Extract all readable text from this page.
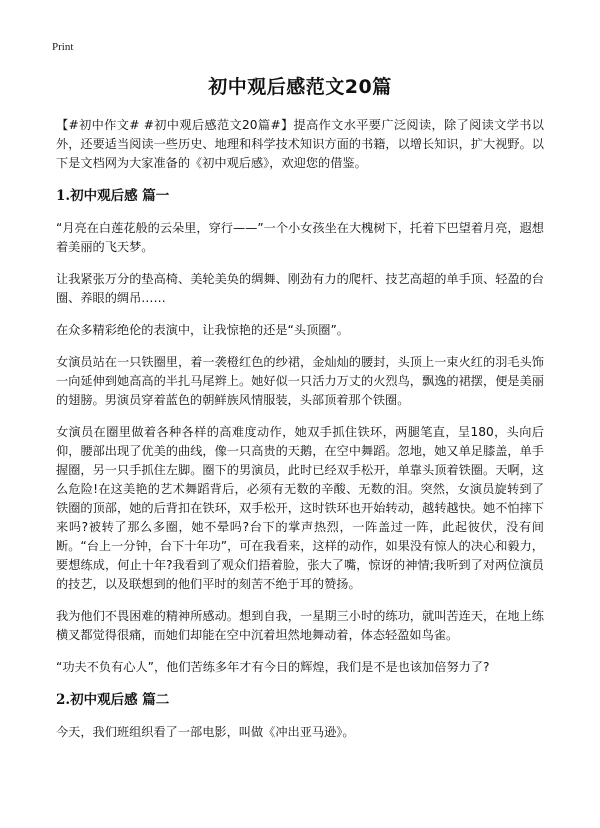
Print
初中观后感范文20篇

【#初中作文# #初中观后感范文20篇#】提高作文水平要广泛阅读，除了阅读文学书以外，还要适当阅读一些历史、地理和科学技术知识方面的书籍，以增长知识，扩大视野。以下是文档网为大家准备的《初中观后感》，欢迎您的借鉴。

1.初中观后感 篇一

“月亮在白莲花般的云朵里，穿行——”一个小女孩坐在大槐树下，托着下巴望着月亮，遐想着美丽的飞天梦。

让我紧张万分的垫高椅、美轮美奂的绸舞、刚劲有力的爬杆、技艺高超的单手顶、轻盈的台圈、养眼的绸吊……

在众多精彩绝伦的表演中，让我惊艳的还是“头顶圈”。

女演员站在一只铁圈里，着一袭橙红色的纱裙，金灿灿的腰封，头顶上一束火红的羽毛头饰一向延伸到她高高的半扎马尾辫上。她好似一只活力万丈的火烈鸟，飘逸的裙摆，便是美丽的翅膀。男演员穿着蓝色的朝鲜族风情服装，头部顶着那个铁圈。

女演员在圈里做着各种各样的高难度动作，她双手抓住铁环，两腿笔直，呈180，头向后仰，腰部出现了优美的曲线，像一只高贵的天鹅，在空中舞蹈。忽地，她又单足膝盖，单手握圈，另一只手抓住左脚。圈下的男演员，此时已经双手松开，单靠头顶着铁圈。天啊，这么危险!在这美艳的艺术舞蹈背后，必须有无数的辛酸、无数的泪。突然，女演员旋转到了铁圈的顶部，她的后背扣在铁环，双手松开，这时铁环也开始转动，越转越快。她不怕摔下来吗?被转了那么多圈，她不晕吗?台下的掌声热烈，一阵盖过一阵，此起彼伏，没有间断。“台上一分钟，台下十年功”，可在我看来，这样的动作，如果没有惊人的决心和毅力，要想练成，何止十年?我看到了观众们捂着脸，张大了嘴，惊讶的神情;我听到了对两位演员的技艺，以及联想到的他们平时的刻苦不绝于耳的赞扬。

我为他们不畏困难的精神所感动。想到自我，一星期三小时的练功，就叫苦连天，在地上练横叉都觉得很痛，而她们却能在空中沉着坦然地舞动着，体态轻盈如鸟雀。

“功夫不负有心人”，他们苦练多年才有今日的辉煌，我们是不是也该加倍努力了?

2.初中观后感 篇二

今天，我们班组织看了一部电影，叫做《冲出亚马逊》。
